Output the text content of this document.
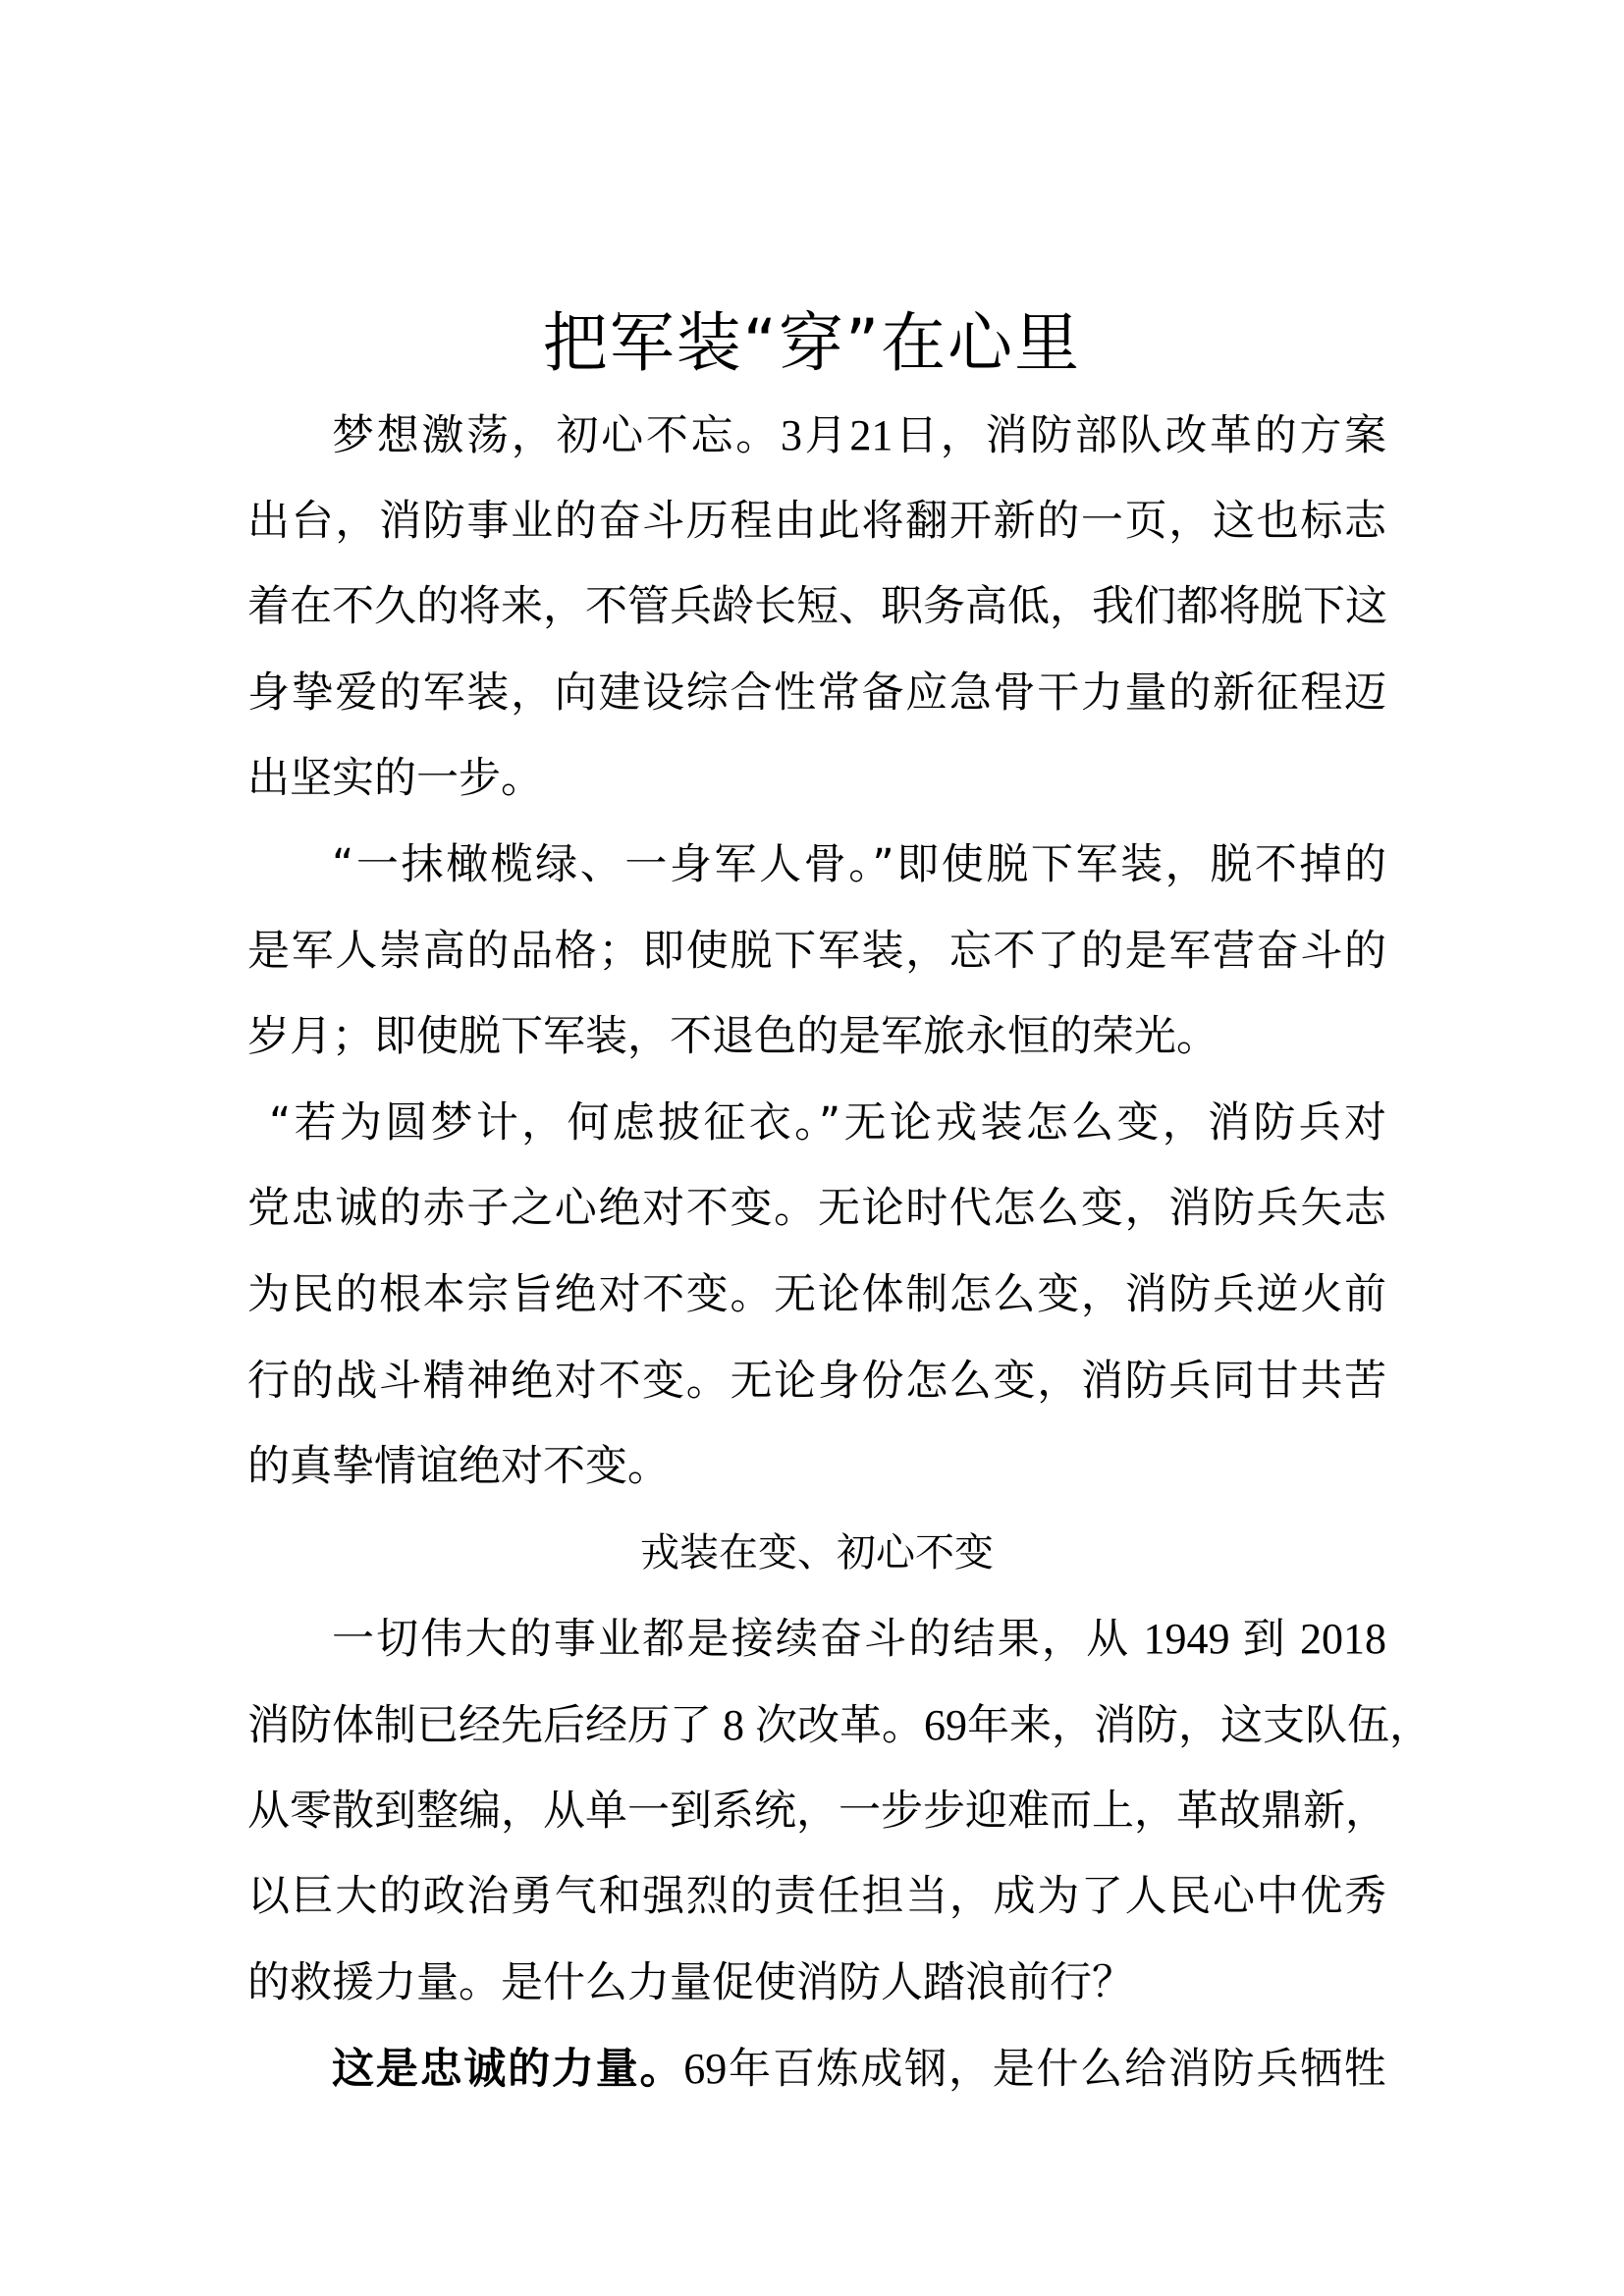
把军装“穿”在心里
梦想激荡，初心不忘。3月21日，消防部队改革的方案
出台，消防事业的奋斗历程由此将翻开新的一页，这也标志
着在不久的将来，不管兵龄长短、职务高低，我们都将脱下这
身挚爱的军装，向建设综合性常备应急骨干力量的新征程迈
出坚实的一步。
“一抹橄榄绿、一身军人骨。”即使脱下军装，脱不掉的
是军人崇高的品格；即使脱下军装，忘不了的是军营奋斗的
岁月；即使脱下军装，不退色的是军旅永恒的荣光。
“若为圆梦计，何虑披征衣。”无论戎装怎么变，消防兵对
党忠诚的赤子之心绝对不变。无论时代怎么变，消防兵矢志
为民的根本宗旨绝对不变。无论体制怎么变，消防兵逆火前
行的战斗精神绝对不变。无论身份怎么变，消防兵同甘共苦
的真挚情谊绝对不变。
戎装在变、初心不变
一切伟大的事业都是接续奋斗的结果，从 1949 到 2018
消防体制已经先后经历了 8 次改革。69年来，消防，这支队伍，
从零散到整编，从单一到系统，一步步迎难而上，革故鼎新，
以巨大的政治勇气和强烈的责任担当，成为了人民心中优秀
的救援力量。是什么力量促使消防人踏浪前行？
这是忠诚的力量。69年百炼成钢，是什么给消防兵牺牲
